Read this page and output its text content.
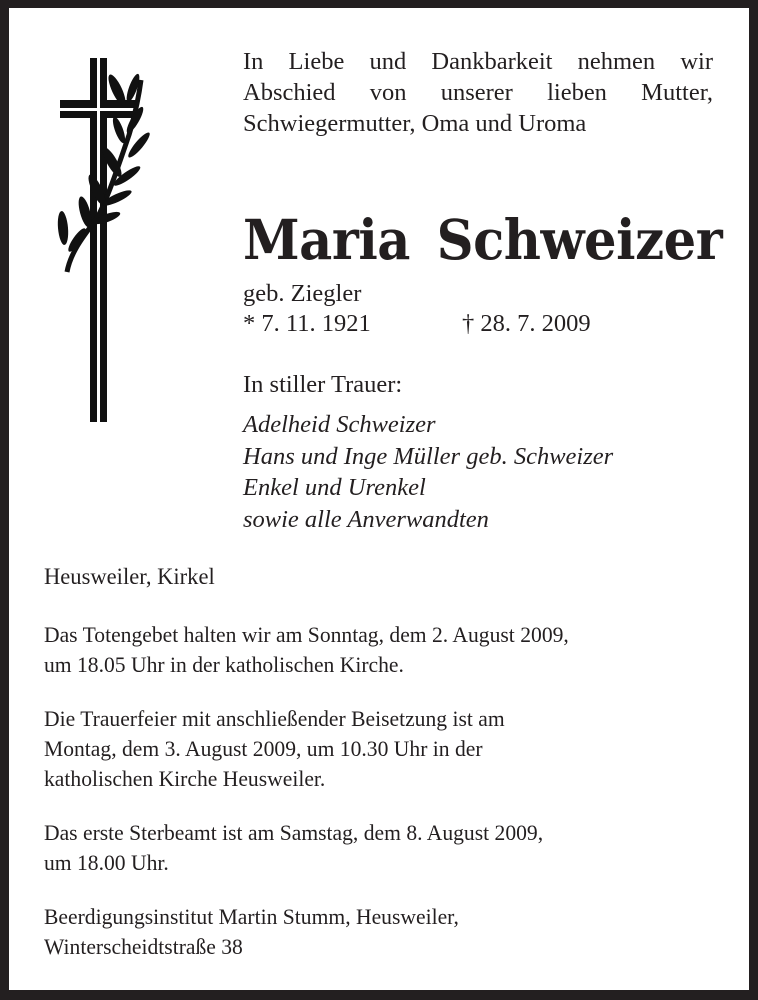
In Liebe und Dankbarkeit nehmen wir
Abschied von unserer lieben Mutter,
Schwiegermutter, Oma und Uroma
Maria Schweizer
geb. Ziegler
* 7. 11. 1921	† 28. 7. 2009
In stiller Trauer:
Adelheid Schweizer
Hans und Inge Müller geb. Schweizer
Enkel und Urenkel
sowie alle Anverwandten
Heusweiler, Kirkel
Das Totengebet halten wir am Sonntag, dem 2. August 2009,
um 18.05 Uhr in der katholischen Kirche.
Die Trauerfeier mit anschließender Beisetzung ist am
Montag, dem 3. August 2009, um 10.30 Uhr in der
katholischen Kirche Heusweiler.
Das erste Sterbeamt ist am Samstag, dem 8. August 2009,
um 18.00 Uhr.
Beerdigungsinstitut Martin Stumm, Heusweiler,
Winterscheidtstraße 38
